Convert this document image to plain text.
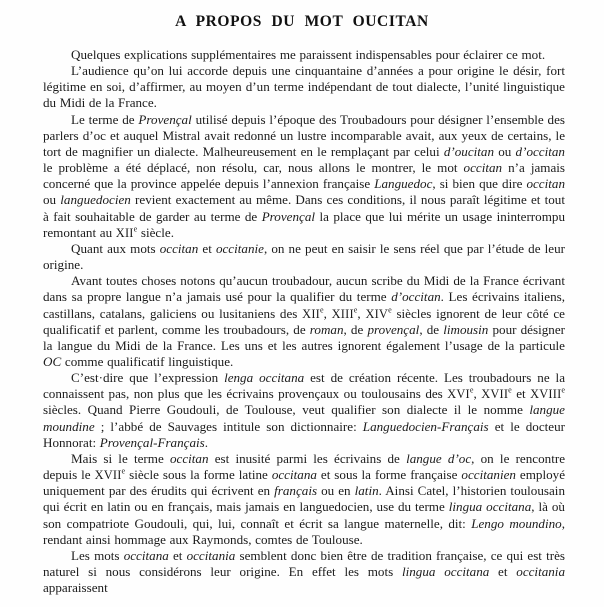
A PROPOS DU MOT OUCITAN

Quelques explications supplémentaires me paraissent indispensables pour éclairer ce mot.

L’audience qu’on lui accorde depuis une cinquantaine d’années a pour origine le désir, fort légitime en soi, d’affirmer, au moyen d’un terme indépendant de tout dialecte, l’unité linguistique du Midi de la France.

Le terme de Provençal utilisé depuis l’époque des Troubadours pour désigner l’ensemble des parlers d’oc et auquel Mistral avait redonné un lustre incomparable avait, aux yeux de certains, le tort de magnifier un dialecte. Malheureusement en le remplaçant par celui d’oucitan ou d’occitan le problème a été déplacé, non résolu, car, nous allons le montrer, le mot occitan n’a jamais concerné que la province appelée depuis l’annexion française Languedoc, si bien que dire occitan ou languedocien revient exactement au même. Dans ces conditions, il nous paraît légitime et tout à fait souhaitable de garder au terme de Provençal la place que lui mérite un usage ininterrompu remontant au XIIe siècle.

Quant aux mots occitan et occitanie, on ne peut en saisir le sens réel que par l’étude de leur origine.

Avant toutes choses notons qu’aucun troubadour, aucun scribe du Midi de la France écrivant dans sa propre langue n’a jamais usé pour la qualifier du terme d’occitan. Les écrivains italiens, castillans, catalans, galiciens ou lusitaniens des XIIe, XIIIe, XIVe siècles ignorent de leur côté ce qualificatif et parlent, comme les troubadours, de roman, de provençal, de limousin pour désigner la langue du Midi de la France. Les uns et les autres ignorent également l’usage de la particule OC comme qualificatif linguistique.

C’est·dire que l’expression lenga occitana est de création récente. Les troubadours ne la connaissent pas, non plus que les écrivains provençaux ou toulousains des XVIe, XVIIe et XVIIIe siècles. Quand Pierre Goudouli, de Toulouse, veut qualifier son dialecte il le nomme langue moundine ; l’abbé de Sauvages intitule son dictionnaire: Languedocien-Français et le docteur Honnorat: Provençal-Français.

Mais si le terme occitan est inusité parmi les écrivains de langue d’oc, on le rencontre depuis le XVIIe siècle sous la forme latine occitana et sous la forme française occitanien employé uniquement par des érudits qui écrivent en français ou en latin. Ainsi Catel, l’historien toulousain qui écrit en latin ou en français, mais jamais en languedocien, use du terme lingua occitana, là où son compatriote Goudouli, qui, lui, connaît et écrit sa langue maternelle, dit: Lengo moundino, rendant ainsi hommage aux Raymonds, comtes de Toulouse.

Les mots occitana et occitania semblent donc bien être de tradition française, ce qui est très naturel si nous considérons leur origine. En effet les mots lingua occitana et occitania apparaissent
